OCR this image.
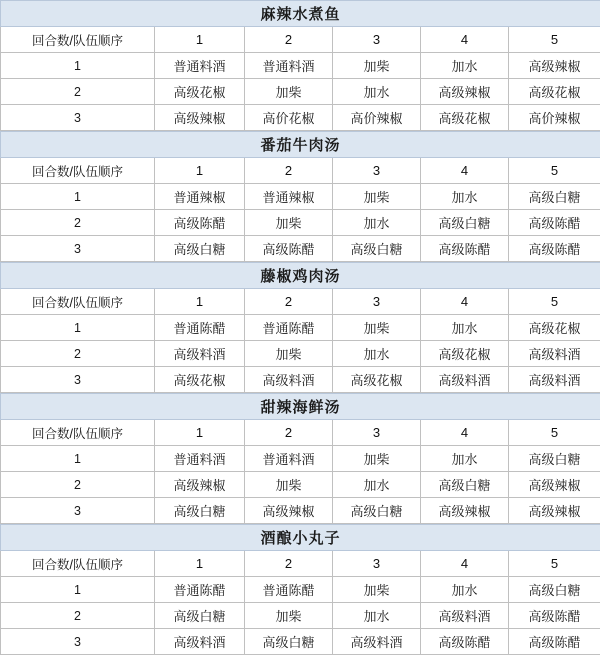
麻辣水煮鱼					
回合数/队伍顺序	1	2	3	4	5
1	普通料酒	普通料酒	加柴	加水	高级辣椒
2	高级花椒	加柴	加水	高级辣椒	高级花椒
3	高级辣椒	高价花椒	高价辣椒	高级花椒	高价辣椒
番茄牛肉汤					
回合数/队伍顺序	1	2	3	4	5
1	普通辣椒	普通辣椒	加柴	加水	高级白糖
2	高级陈醋	加柴	加水	高级白糖	高级陈醋
3	高级白糖	高级陈醋	高级白糖	高级陈醋	高级陈醋
藤椒鸡肉汤					
回合数/队伍顺序	1	2	3	4	5
1	普通陈醋	普通陈醋	加柴	加水	高级花椒
2	高级料酒	加柴	加水	高级花椒	高级料酒
3	高级花椒	高级料酒	高级花椒	高级料酒	高级料酒
甜辣海鲜汤					
回合数/队伍顺序	1	2	3	4	5
1	普通料酒	普通料酒	加柴	加水	高级白糖
2	高级辣椒	加柴	加水	高级白糖	高级辣椒
3	高级白糖	高级辣椒	高级白糖	高级辣椒	高级辣椒
酒酿小丸子					
回合数/队伍顺序	1	2	3	4	5
1	普通陈醋	普通陈醋	加柴	加水	高级白糖
2	高级白糖	加柴	加水	高级料酒	高级陈醋
3	高级料酒	高级白糖	高级料酒	高级陈醋	高级陈醋
